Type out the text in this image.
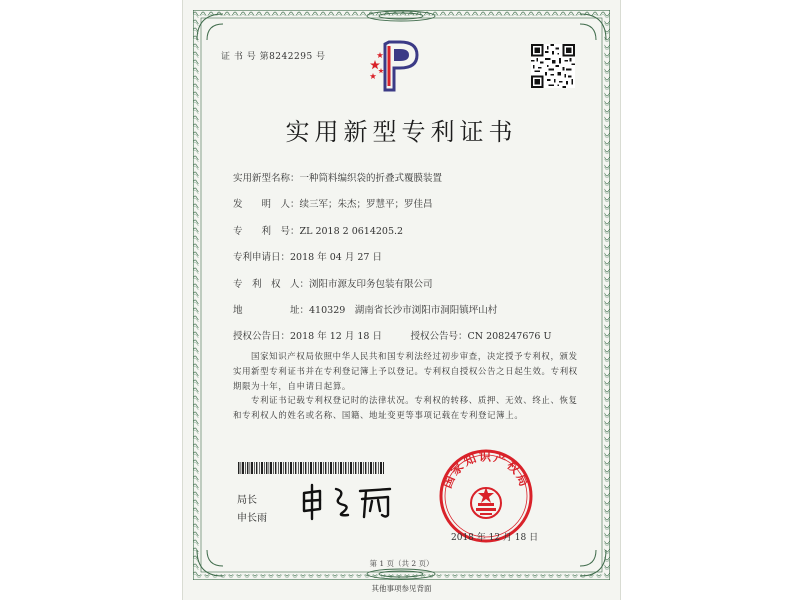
证 书 号 第8242295 号
实用新型专利证书
实用新型名称：一种筒料编织袋的折叠式覆膜装置
发　　明　人：续三军；朱杰；罗慧平；罗佳昌
专　　利　号：ZL 2018 2 0614205.2
专利申请日：2018 年 04 月 27 日
专　利　权　人：浏阳市源友印务包装有限公司
地　　　　　址：410329　湖南省长沙市浏阳市洞阳镇坪山村
授权公告日：2018 年 12 月 18 日　　　授权公告号：CN 208247676 U
国家知识产权局依照中华人民共和国专利法经过初步审查，决定授予专利权，颁发实用新型专利证书并在专利登记簿上予以登记。专利权自授权公告之日起生效。专利权期限为十年，自申请日起算。
专利证书记载专利权登记时的法律状况。专利权的转移、质押、无效、终止、恢复和专利权人的姓名或名称、国籍、地址变更等事项记载在专利登记簿上。
局长
申长雨
国家知识产权局
2018 年 12 月 18 日
第 1 页（共 2 页）
其他事项参见背面
